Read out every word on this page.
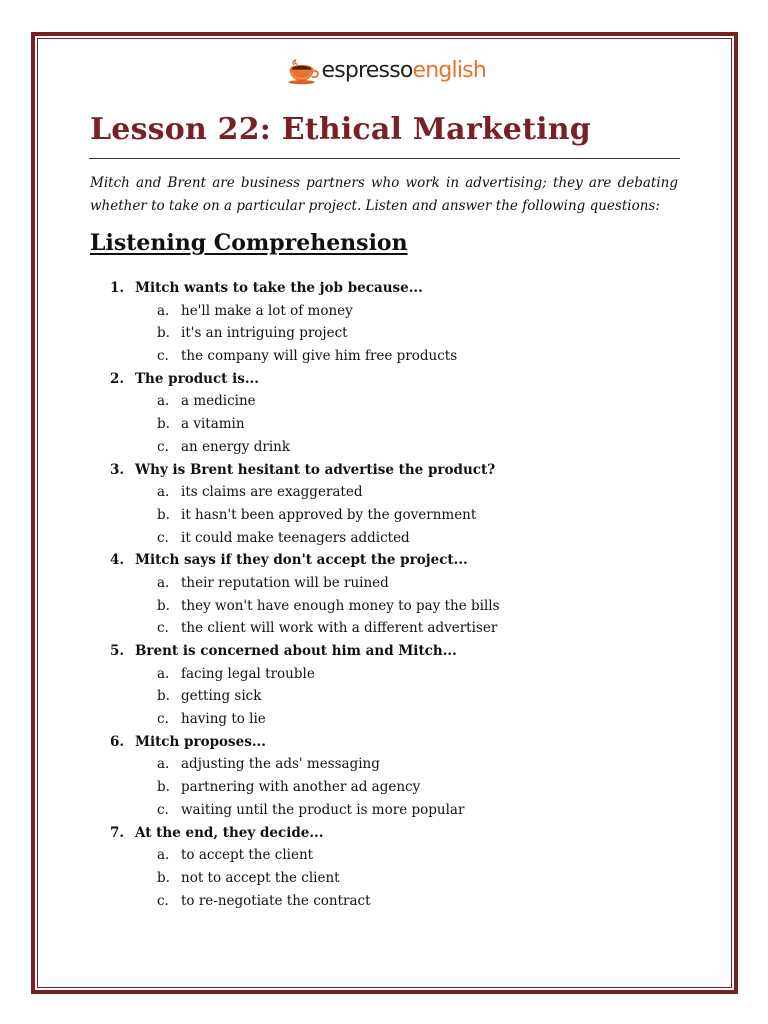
espressoenglish
Lesson 22: Ethical Marketing

Mitch and Brent are business partners who work in advertising; they are debating whether to take on a particular project. Listen and answer the following questions:

Listening Comprehension
1. Mitch wants to take the job because...
a. he'll make a lot of money
b. it's an intriguing project
c. the company will give him free products
2. The product is...
a. a medicine
b. a vitamin
c. an energy drink
3. Why is Brent hesitant to advertise the product?
a. its claims are exaggerated
b. it hasn't been approved by the government
c. it could make teenagers addicted
4. Mitch says if they don't accept the project...
a. their reputation will be ruined
b. they won't have enough money to pay the bills
c. the client will work with a different advertiser
5. Brent is concerned about him and Mitch...
a. facing legal trouble
b. getting sick
c. having to lie
6. Mitch proposes...
a. adjusting the ads' messaging
b. partnering with another ad agency
c. waiting until the product is more popular
7. At the end, they decide...
a. to accept the client
b. not to accept the client
c. to re-negotiate the contract
